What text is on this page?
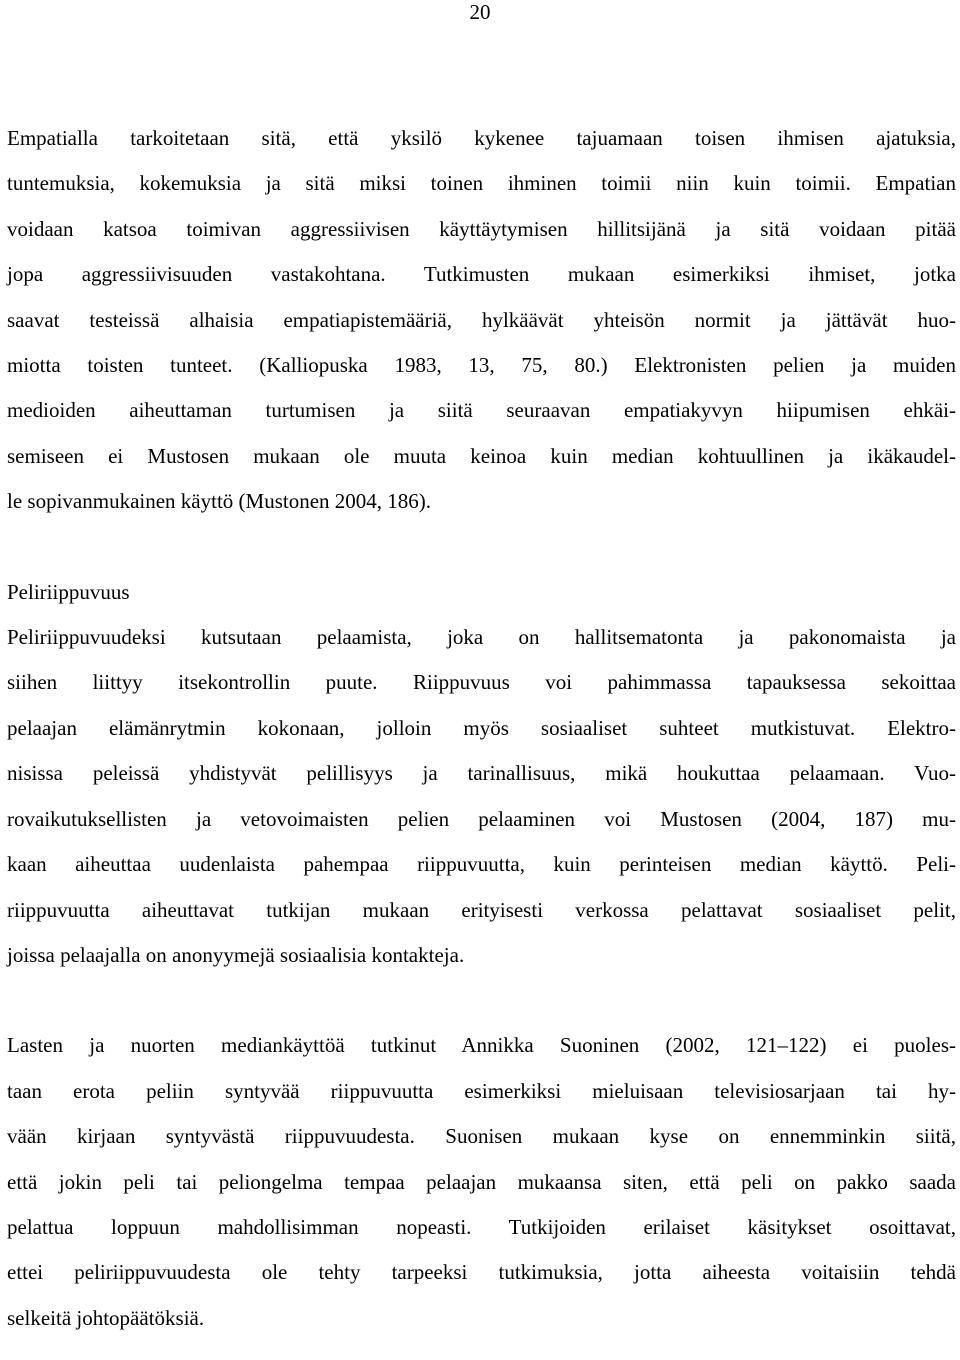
20
Empatialla tarkoitetaan sitä, että yksilö kykenee tajuamaan toisen ihmisen ajatuksia,
tuntemuksia, kokemuksia ja sitä miksi toinen ihminen toimii niin kuin toimii. Empatian
voidaan katsoa toimivan aggressiivisen käyttäytymisen hillitsijänä ja sitä voidaan pitää
jopa aggressiivisuuden vastakohtana. Tutkimusten mukaan esimerkiksi ihmiset, jotka
saavat testeissä alhaisia empatiapistemääriä, hylkäävät yhteisön normit ja jättävät huo-
miotta toisten tunteet. (Kalliopuska 1983, 13, 75, 80.) Elektronisten pelien ja muiden
medioiden aiheuttaman turtumisen ja siitä seuraavan empatiakyvyn hiipumisen ehkäi-
semiseen ei Mustosen mukaan ole muuta keinoa kuin median kohtuullinen ja ikäkaudel-
le sopivanmukainen käyttö (Mustonen 2004, 186).
Peliriippuvuus
Peliriippuvuudeksi kutsutaan pelaamista, joka on hallitsematonta ja pakonomaista ja
siihen liittyy itsekontrollin puute. Riippuvuus voi pahimmassa tapauksessa sekoittaa
pelaajan elämänrytmin kokonaan, jolloin myös sosiaaliset suhteet mutkistuvat. Elektro-
nisissa peleissä yhdistyvät pelillisyys ja tarinallisuus, mikä houkuttaa pelaamaan. Vuo-
rovaikutuksellisten ja vetovoimaisten pelien pelaaminen voi Mustosen (2004, 187) mu-
kaan aiheuttaa uudenlaista pahempaa riippuvuutta, kuin perinteisen median käyttö. Peli-
riippuvuutta aiheuttavat tutkijan mukaan erityisesti verkossa pelattavat sosiaaliset pelit,
joissa pelaajalla on anonyymejä sosiaalisia kontakteja.
Lasten ja nuorten mediankäyttöä tutkinut Annikka Suoninen (2002, 121–122) ei puoles-
taan erota peliin syntyvää riippuvuutta esimerkiksi mieluisaan televisiosarjaan tai hy-
vään kirjaan syntyvästä riippuvuudesta. Suonisen mukaan kyse on ennemminkin siitä,
että jokin peli tai peliongelma tempaa pelaajan mukaansa siten, että peli on pakko saada
pelattua loppuun mahdollisimman nopeasti. Tutkijoiden erilaiset käsitykset osoittavat,
ettei peliriippuvuudesta ole tehty tarpeeksi tutkimuksia, jotta aiheesta voitaisiin tehdä
selkeitä johtopäätöksiä.
